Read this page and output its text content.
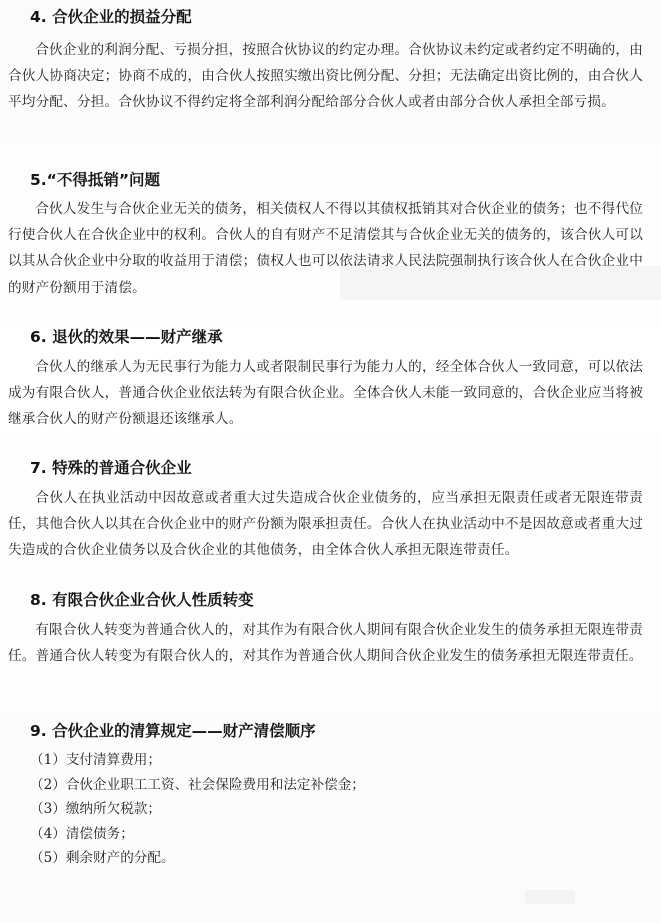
4. 合伙企业的损益分配
合伙企业的利润分配、亏损分担，按照合伙协议的约定办理。合伙协议未约定或者约定不明确的，由合伙人协商决定；协商不成的，由合伙人按照实缴出资比例分配、分担；无法确定出资比例的，由合伙人平均分配、分担。合伙协议不得约定将全部利润分配给部分合伙人或者由部分合伙人承担全部亏损。
5.“不得抵销”问题
合伙人发生与合伙企业无关的债务，相关债权人不得以其债权抵销其对合伙企业的债务；也不得代位行使合伙人在合伙企业中的权利。合伙人的自有财产不足清偿其与合伙企业无关的债务的，该合伙人可以以其从合伙企业中分取的收益用于清偿；债权人也可以依法请求人民法院强制执行该合伙人在合伙企业中的财产份额用于清偿。
6. 退伙的效果——财产继承
合伙人的继承人为无民事行为能力人或者限制民事行为能力人的，经全体合伙人一致同意，可以依法成为有限合伙人，普通合伙企业依法转为有限合伙企业。全体合伙人未能一致同意的，合伙企业应当将被继承合伙人的财产份额退还该继承人。
7. 特殊的普通合伙企业
合伙人在执业活动中因故意或者重大过失造成合伙企业债务的，应当承担无限责任或者无限连带责任，其他合伙人以其在合伙企业中的财产份额为限承担责任。合伙人在执业活动中不是因故意或者重大过失造成的合伙企业债务以及合伙企业的其他债务，由全体合伙人承担无限连带责任。
8. 有限合伙企业合伙人性质转变
有限合伙人转变为普通合伙人的，对其作为有限合伙人期间有限合伙企业发生的债务承担无限连带责任。普通合伙人转变为有限合伙人的，对其作为普通合伙人期间合伙企业发生的债务承担无限连带责任。
9. 合伙企业的清算规定——财产清偿顺序
（1）支付清算费用；
（2）合伙企业职工工资、社会保险费用和法定补偿金；
（3）缴纳所欠税款；
（4）清偿债务；
（5）剩余财产的分配。
